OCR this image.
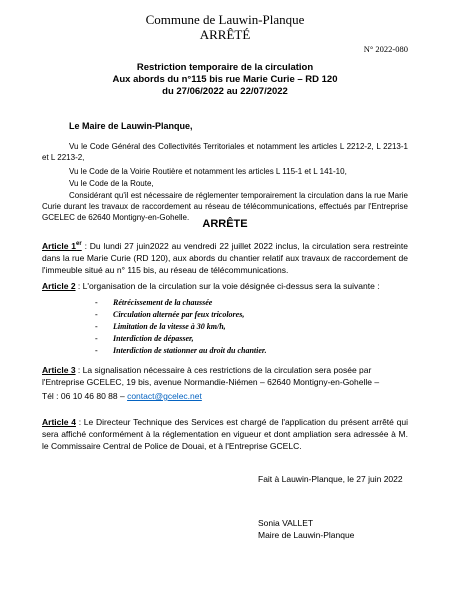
Commune de Lauwin-Planque
ARRÊTÉ
N° 2022-080
Restriction temporaire de la circulation
Aux abords du n°115 bis rue Marie Curie – RD 120
du 27/06/2022 au 22/07/2022
Le Maire de Lauwin-Planque,
Vu le Code Général des Collectivités Territoriales et notamment les articles L 2212-2, L 2213-1 et L 2213-2,
Vu le Code de la Voirie Routière et notamment les articles L 115-1 et L 141-10,
Vu le Code de la Route,
Considérant qu'il est nécessaire de réglementer temporairement la circulation dans la rue Marie Curie durant les travaux de raccordement au réseau de télécommunications, effectués par l'Entreprise GCELEC de 62640 Montigny-en-Gohelle.
ARRÊTE
Article 1er : Du lundi 27 juin2022 au vendredi 22 juillet 2022 inclus, la circulation sera restreinte dans la rue Marie Curie (RD 120), aux abords du chantier relatif aux travaux de raccordement de l'immeuble situé au n° 115 bis, au réseau de télécommunications.
Article 2 : L'organisation de la circulation sur la voie désignée ci-dessus sera la suivante :
- Rétrécissement de la chaussée
- Circulation alternée par feux tricolores,
- Limitation de la vitesse à 30 km/h,
- Interdiction de dépasser,
- Interdiction de stationner au droit du chantier.
Article 3 : La signalisation nécessaire à ces restrictions de la circulation sera posée par l'Entreprise GCELEC, 19 bis, avenue Normandie-Niémen – 62640 Montigny-en-Gohelle –
Tél : 06 10 46 80 88 – contact@gcelec.net
Article 4 : Le Directeur Technique des Services est chargé de l'application du présent arrêté qui sera affiché conformément à la réglementation en vigueur et dont ampliation sera adressée à M. le Commissaire Central de Police de Douai, et à l'Entreprise GCELC.
Fait à Lauwin-Planque, le 27 juin 2022
Sonia VALLET
Maire de Lauwin-Planque
